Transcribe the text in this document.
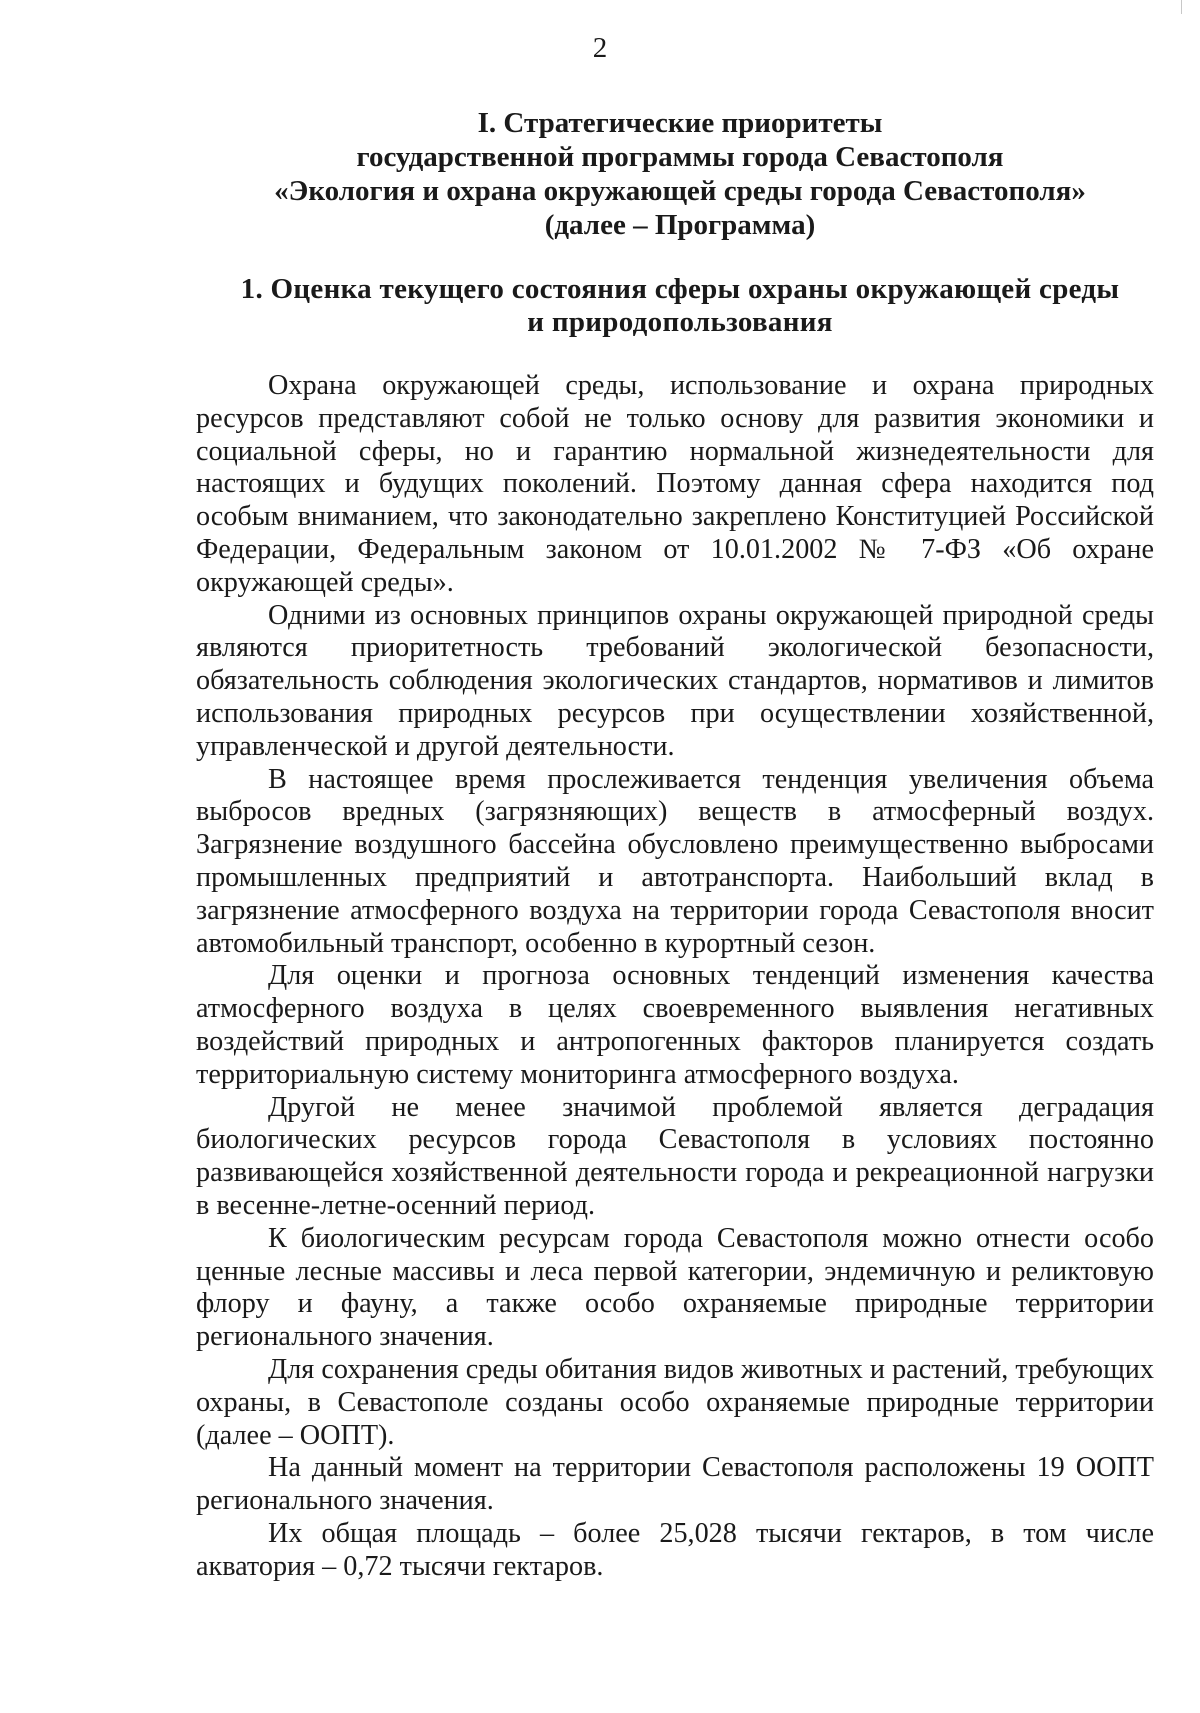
2
I. Стратегические приоритеты
государственной программы города Севастополя
«Экология и охрана окружающей среды города Севастополя»
(далее – Программа)
1. Оценка текущего состояния сферы охраны окружающей среды
и природопользования

Охрана окружающей среды, использование и охрана природных ресурсов представляют собой не только основу для развития экономики и социальной сферы, но и гарантию нормальной жизнедеятельности для настоящих и будущих поколений. Поэтому данная сфера находится под особым вниманием, что законодательно закреплено Конституцией Российской Федерации, Федеральным законом от 10.01.2002 № 7-ФЗ «Об охране окружающей среды».

Одними из основных принципов охраны окружающей природной среды являются приоритетность требований экологической безопасности, обязательность соблюдения экологических стандартов, нормативов и лимитов использования природных ресурсов при осуществлении хозяйственной, управленческой и другой деятельности.

В настоящее время прослеживается тенденция увеличения объема выбросов вредных (загрязняющих) веществ в атмосферный воздух. Загрязнение воздушного бассейна обусловлено преимущественно выбросами промышленных предприятий и автотранспорта. Наибольший вклад в загрязнение атмосферного воздуха на территории города Севастополя вносит автомобильный транспорт, особенно в курортный сезон.

Для оценки и прогноза основных тенденций изменения качества атмосферного воздуха в целях своевременного выявления негативных воздействий природных и антропогенных факторов планируется создать территориальную систему мониторинга атмосферного воздуха.

Другой не менее значимой проблемой является деградация биологических ресурсов города Севастополя в условиях постоянно развивающейся хозяйственной деятельности города и рекреационной нагрузки в весенне-летне-осенний период.

К биологическим ресурсам города Севастополя можно отнести особо ценные лесные массивы и леса первой категории, эндемичную и реликтовую флору и фауну, а также особо охраняемые природные территории регионального значения.

Для сохранения среды обитания видов животных и растений, требующих охраны, в Севастополе созданы особо охраняемые природные территории (далее – ООПТ).

На данный момент на территории Севастополя расположены 19 ООПТ регионального значения.

Их общая площадь – более 25,028 тысячи гектаров, в том числе акватория – 0,72 тысячи гектаров.
